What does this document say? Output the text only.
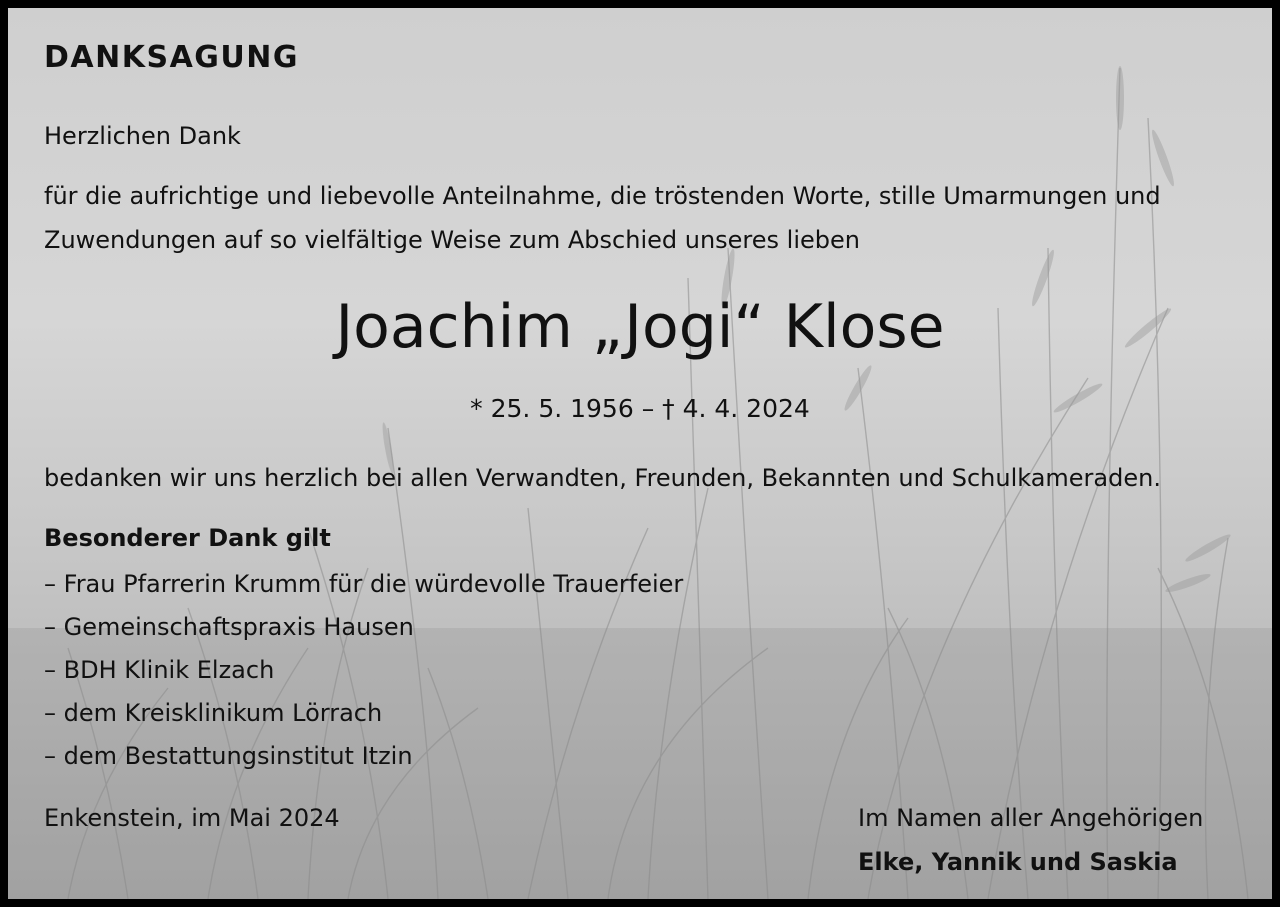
DANKSAGUNG
Herzlichen Dank
für die aufrichtige und liebevolle Anteilnahme, die tröstenden Worte, stille Umarmungen und
Zuwendungen auf so vielfältige Weise zum Abschied unseres lieben
Joachim „Jogi“ Klose
* 25. 5. 1956 – † 4. 4. 2024
bedanken wir uns herzlich bei allen Verwandten, Freunden, Bekannten und Schulkameraden.
Besonderer Dank gilt
– Frau Pfarrerin Krumm für die würdevolle Trauerfeier
– Gemeinschaftspraxis Hausen
– BDH Klinik Elzach
– dem Kreisklinikum Lörrach
– dem Bestattungsinstitut Itzin
Enkenstein, im Mai 2024	Im Namen aller Angehörigen
Elke, Yannik und Saskia
